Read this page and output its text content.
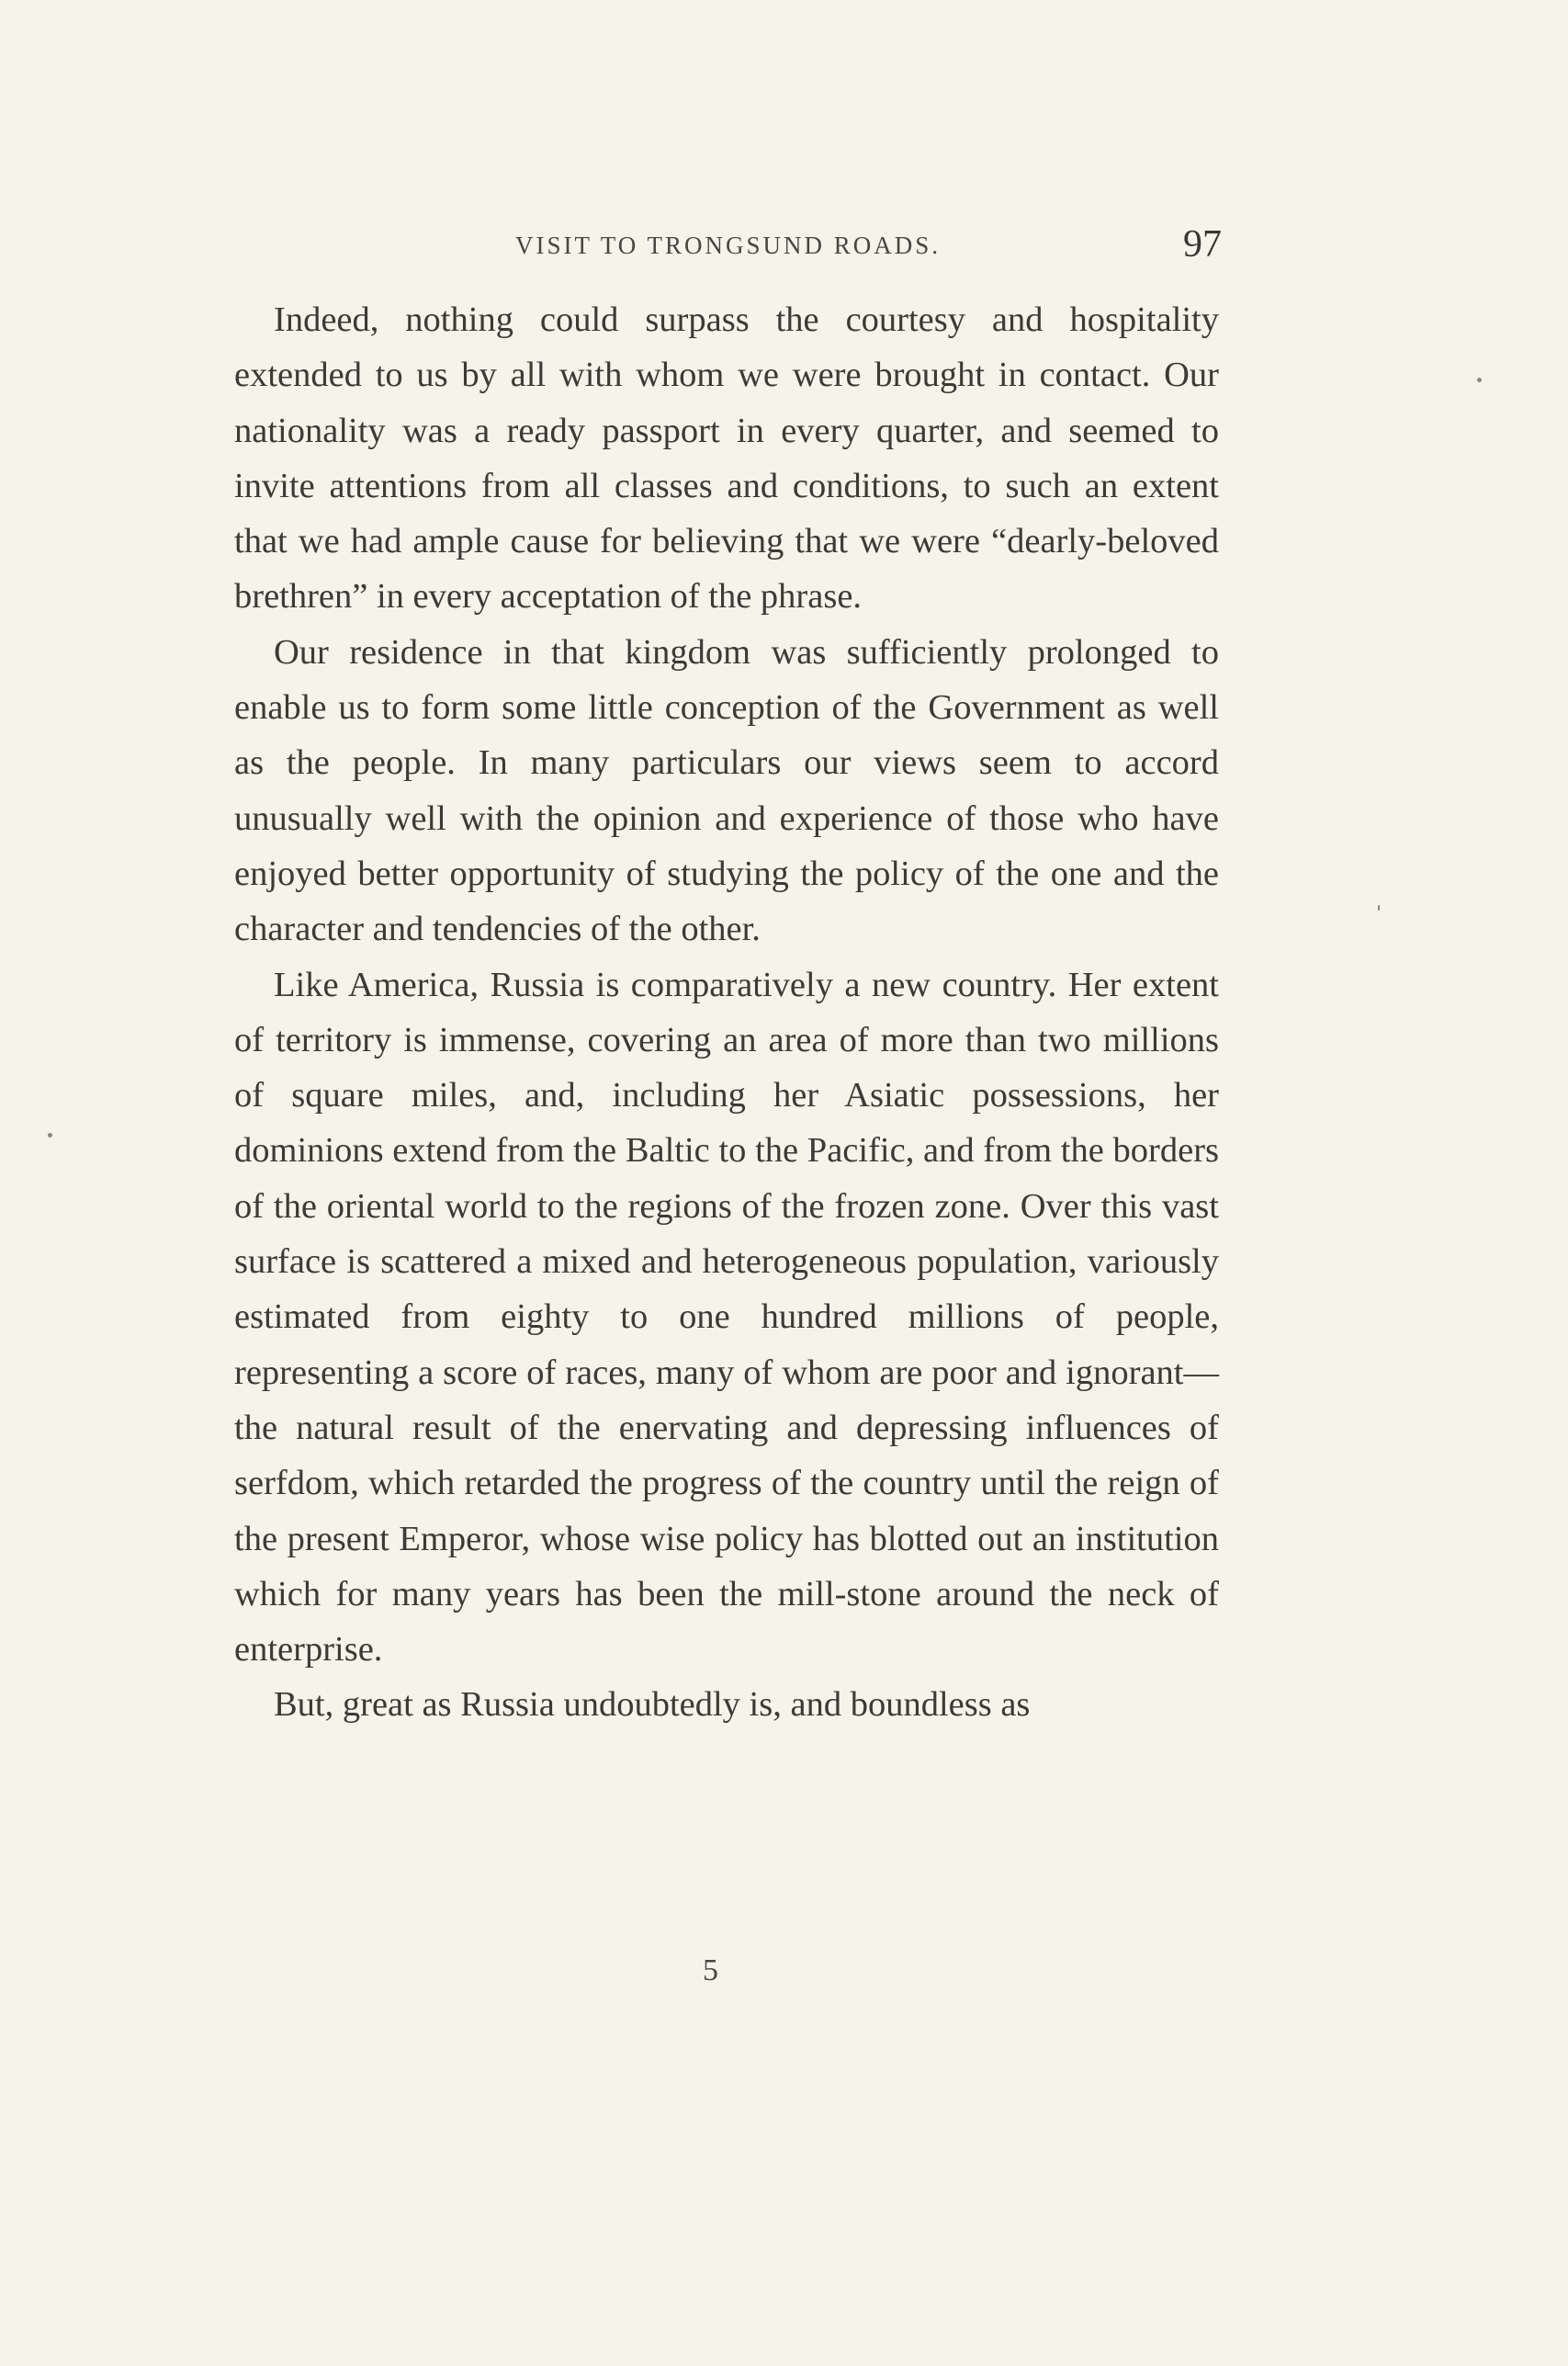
VISIT TO TRONGSUND ROADS.	97

Indeed, nothing could surpass the courtesy and hospitality extended to us by all with whom we were brought in contact. Our nationality was a ready passport in every quarter, and seemed to invite attentions from all classes and conditions, to such an extent that we had ample cause for believing that we were “dearly-beloved brethren” in every acceptation of the phrase.

Our residence in that kingdom was sufficiently prolonged to enable us to form some little conception of the Government as well as the people. In many particulars our views seem to accord unusually well with the opinion and experience of those who have enjoyed better opportunity of studying the policy of the one and the character and tendencies of the other.

Like America, Russia is comparatively a new country. Her extent of territory is immense, covering an area of more than two millions of square miles, and, including her Asiatic possessions, her dominions extend from the Baltic to the Pacific, and from the borders of the oriental world to the regions of the frozen zone. Over this vast surface is scattered a mixed and heterogeneous population, variously estimated from eighty to one hundred millions of people, representing a score of races, many of whom are poor and ignorant—the natural result of the enervating and depressing influences of serfdom, which retarded the progress of the country until the reign of the present Emperor, whose wise policy has blotted out an institution which for many years has been the mill-stone around the neck of enterprise.

But, great as Russia undoubtedly is, and boundless as

5
